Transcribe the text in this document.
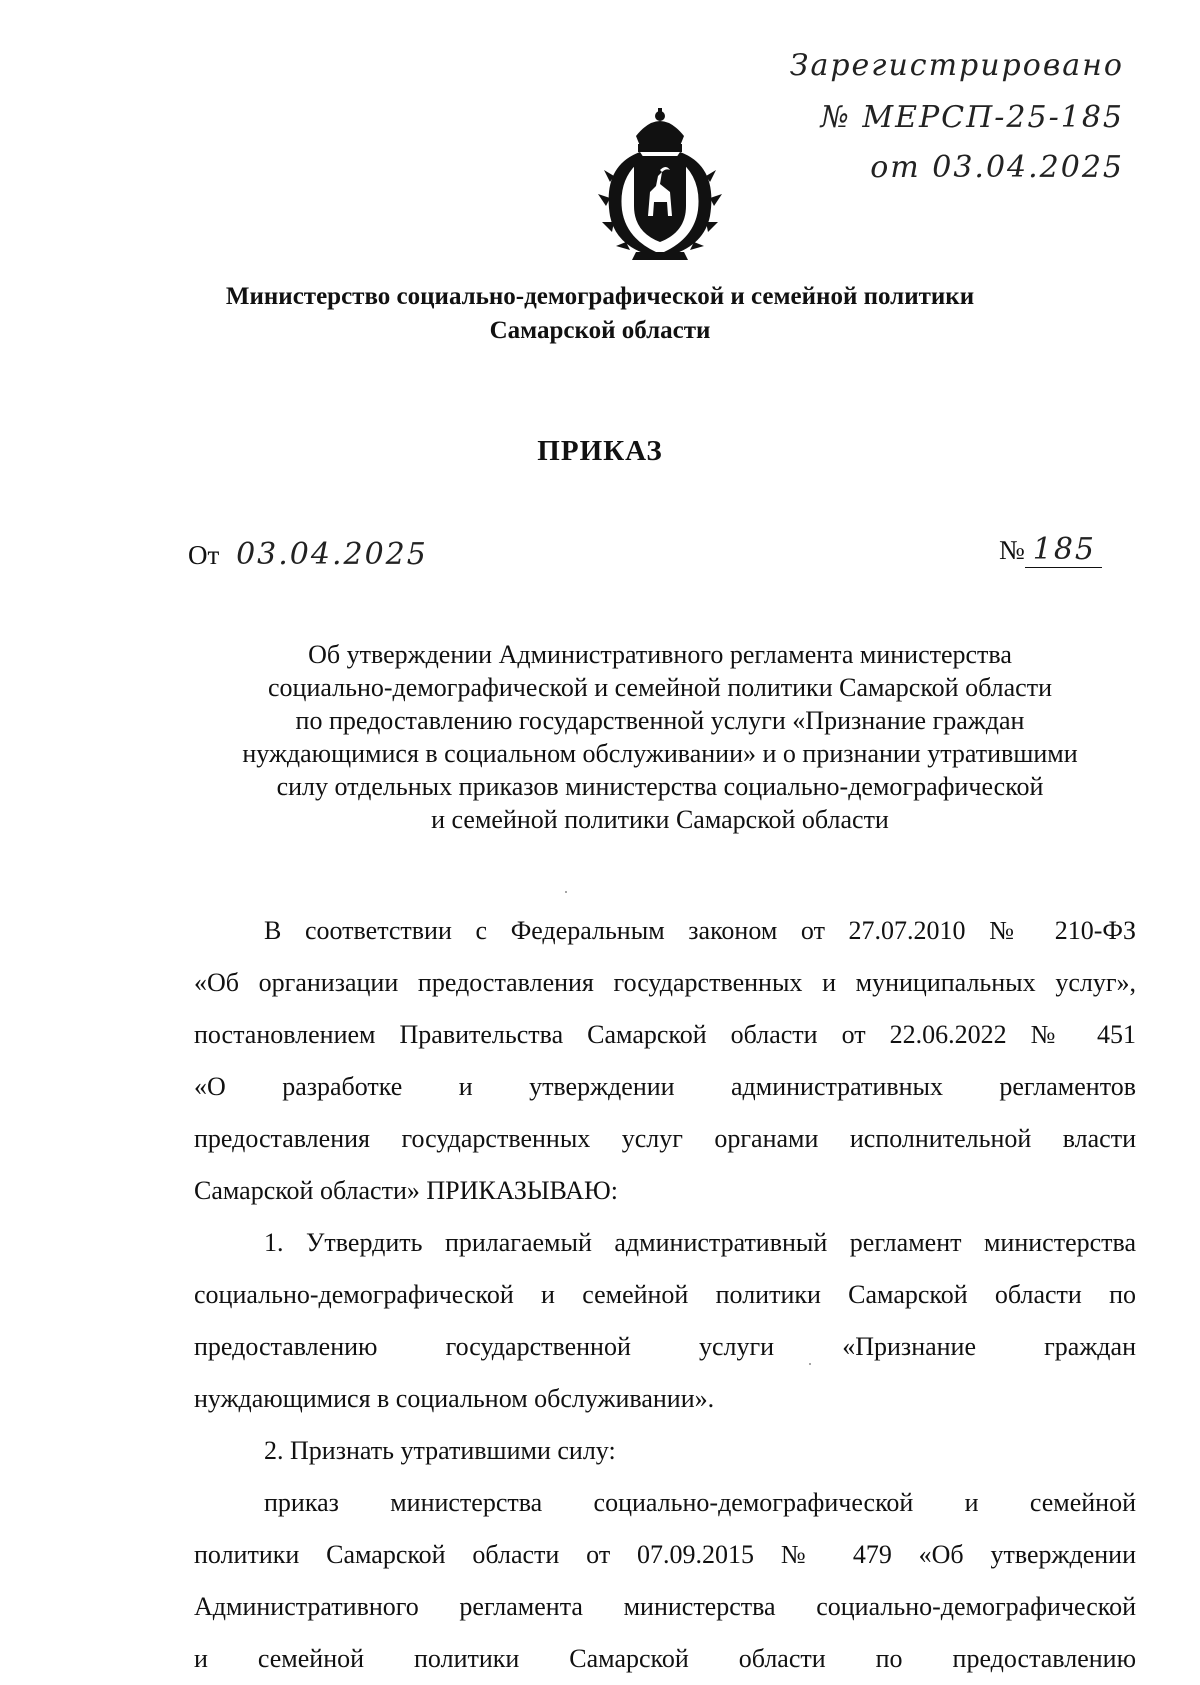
Зарегистрировано
№ МЕРСП-25-185
от 03.04.2025
Министерство социально-демографической и семейной политики
Самарской области
ПРИКАЗ
От 03.04.2025	№ 185
Об утверждении Административного регламента министерства
социально-демографической и семейной политики Самарской области
по предоставлению государственной услуги «Признание граждан
нуждающимися в социальном обслуживании» и о признании утратившими
силу отдельных приказов министерства социально-демографической
и семейной политики Самарской области
В соответствии с Федеральным законом от 27.07.2010 № 210-ФЗ
«Об организации предоставления государственных и муниципальных услуг»,
постановлением Правительства Самарской области от 22.06.2022 № 451
«О разработке и утверждении административных регламентов
предоставления государственных услуг органами исполнительной власти
Самарской области» ПРИКАЗЫВАЮ:
1. Утвердить прилагаемый административный регламент министерства
социально-демографической и семейной политики Самарской области по
предоставлению государственной услуги «Признание граждан
нуждающимися в социальном обслуживании».
2. Признать утратившими силу:
приказ министерства социально-демографической и семейной
политики Самарской области от 07.09.2015 № 479 «Об утверждении
Административного регламента министерства социально-демографической
и семейной политики Самарской области по предоставлению
